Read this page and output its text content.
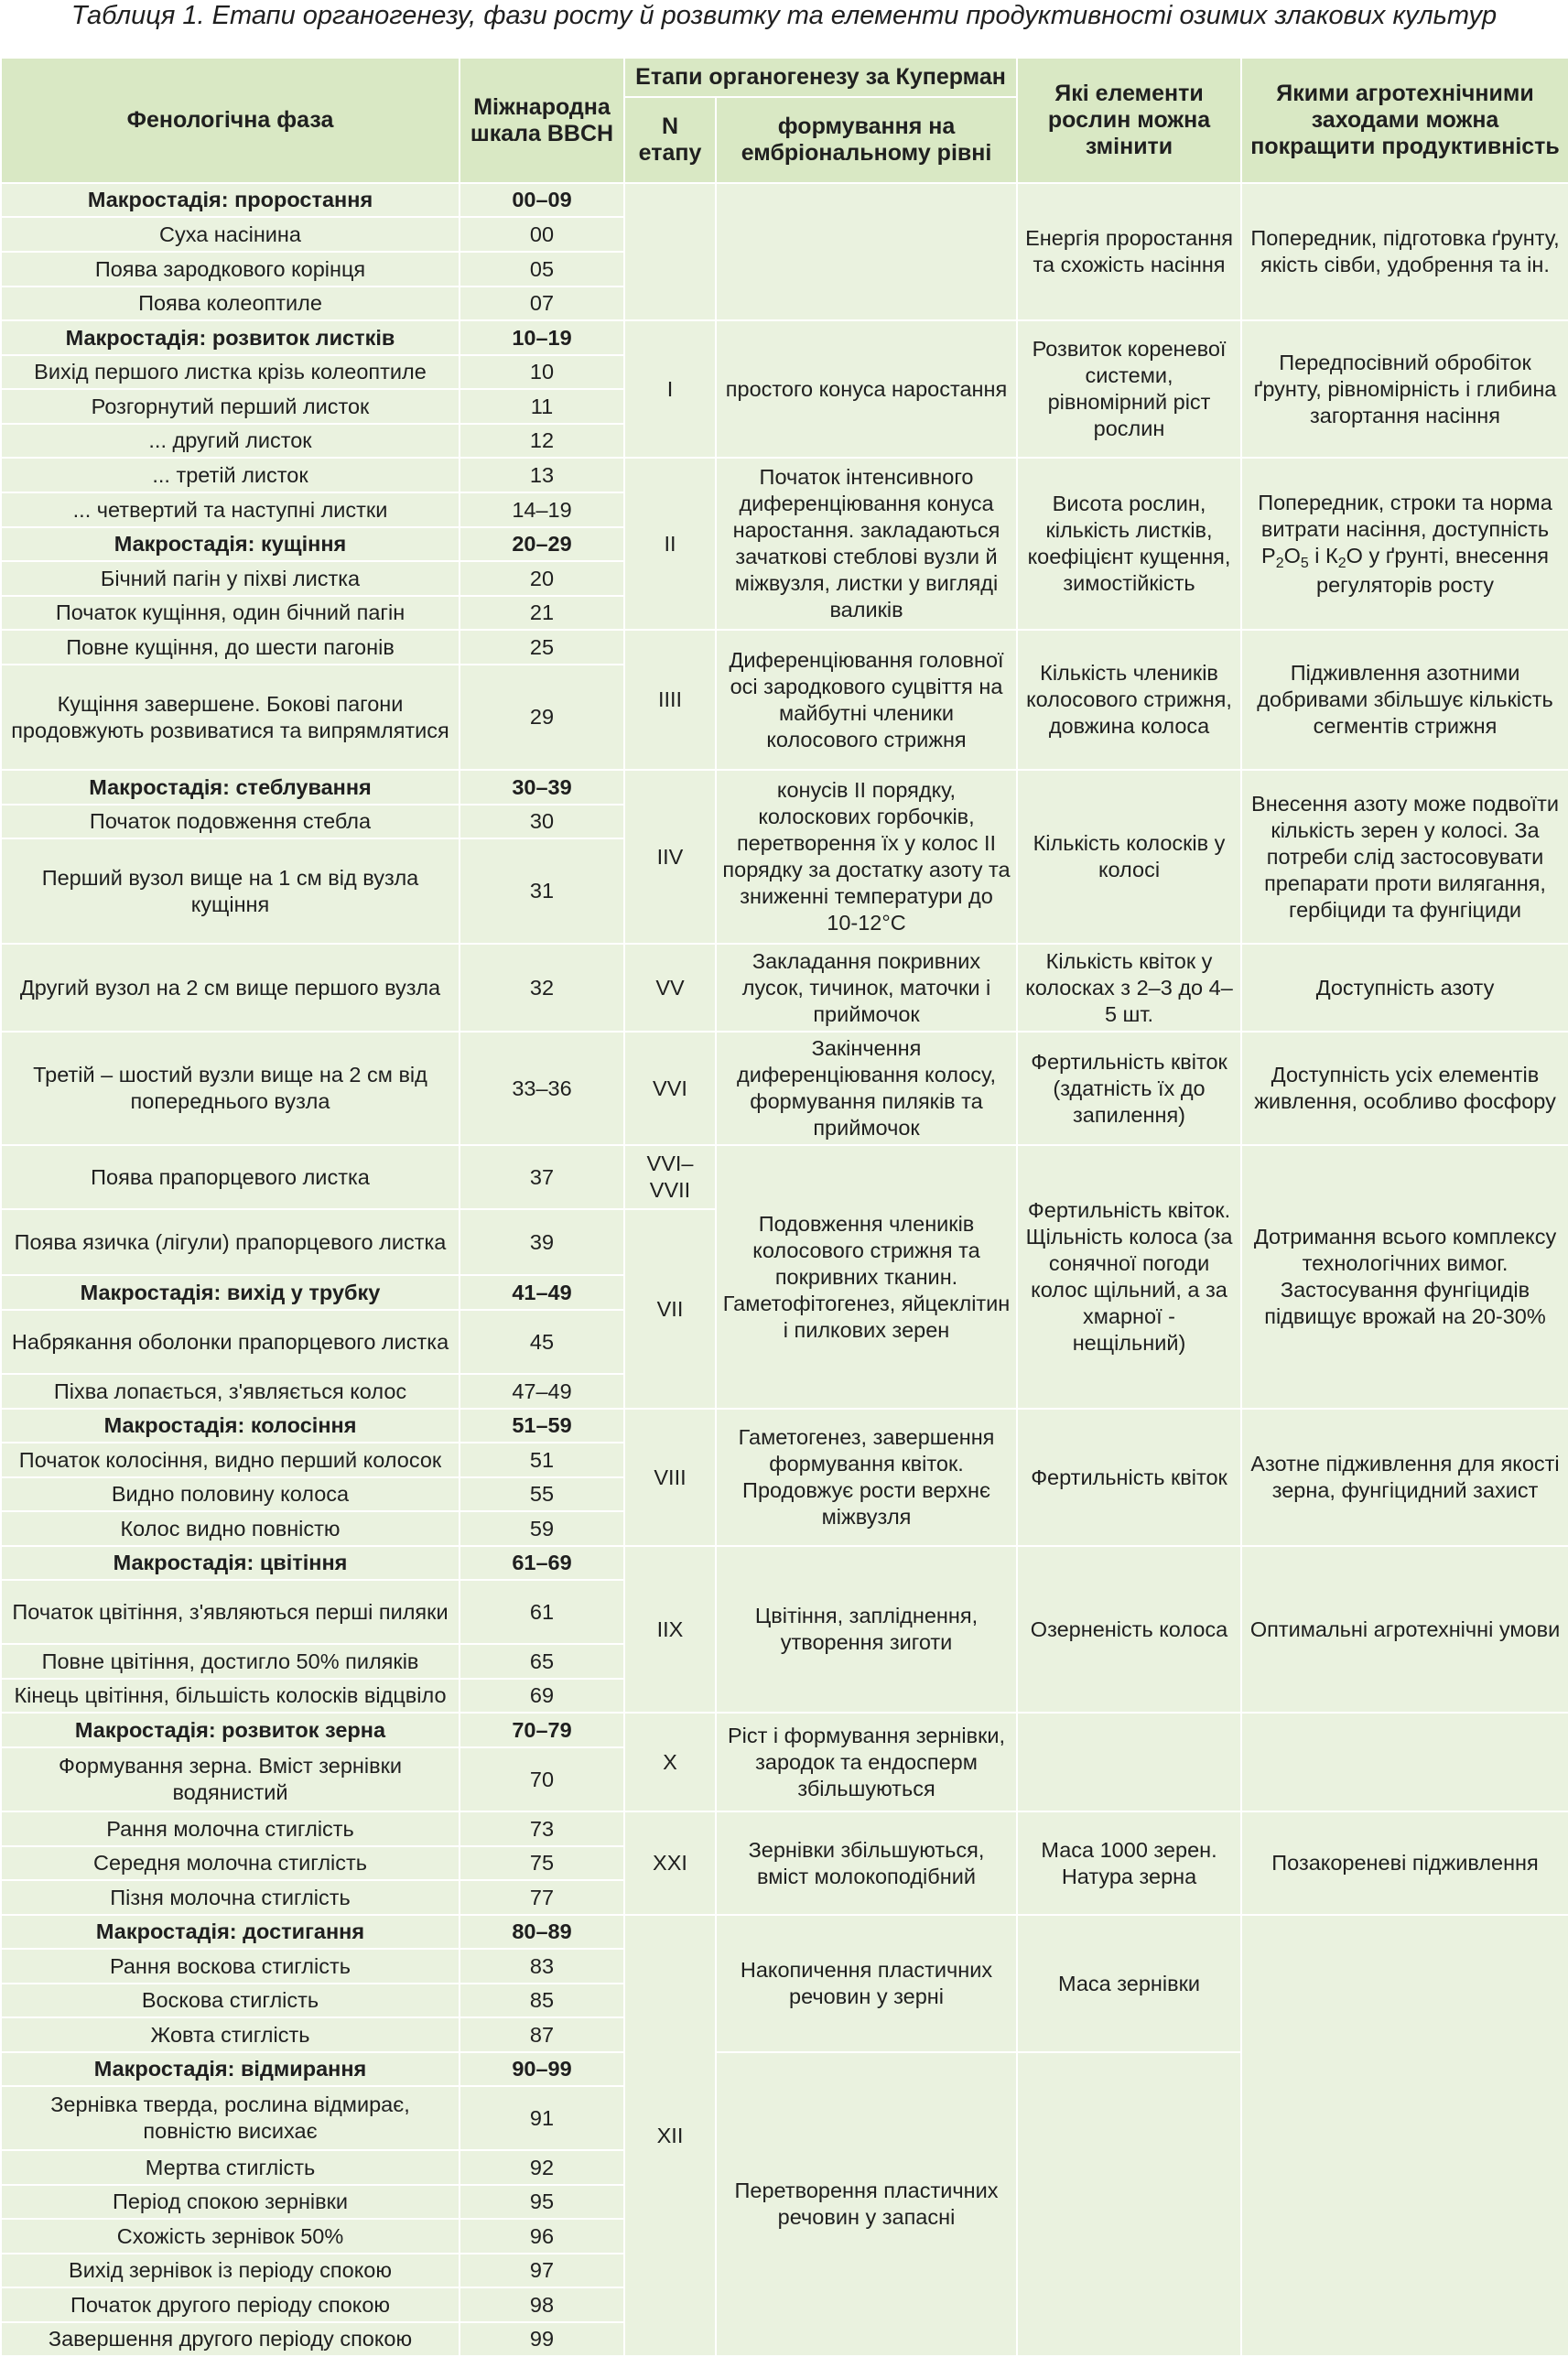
Таблиця 1. Етапи органогенезу, фази росту й розвитку та елементи продуктивності озимих злакових культур
Фенологічна фаза	Міжнародна шкала BBCH	Етапи органогенезу за Куперман		Які елементи рослин можна змінити	Якими агротехнічними заходами можна покращити продуктивність
		N етапу	формування на ембріональному рівні		
Макростадія: проростання	00–09			Енергія проростання та схожість насіння	Попередник, підготовка ґрунту, якість сівби, удобрення та ін.
Суха насінина	00				
Поява зародкового корінця	05				
Поява колеоптиле	07				
Макростадія: розвиток листків	10–19	I	простого конуса наростання	Розвиток кореневої системи, рівномірний ріст рослин	Передпосівний обробіток ґрунту, рівномірність і глибина загортання насіння
Вихід першого листка крізь колеоптиле	10				
Розгорнутий перший листок	11				
... другий листок	12				
... третій листок	13	II	Початок інтенсивного диференціювання конуса наростання. закладаються зачаткові стеблові вузли й міжвузля, листки у вигляді валиків	Висота рослин, кількість листків, коефіцієнт кущення, зимостійкість	Попередник, строки та норма витрати насіння, доступність $Р_2О_5$ і $К_2О$ у ґрунті, внесення регуляторів росту
... четвертий та наступні листки	14–19				
Макростадія: кущіння	20–29				
Бічний пагін у піхві листка	20				
Початок кущіння, один бічний пагін	21				
Повне кущіння, до шести пагонів	25	IIII	Диференціювання головної осі зародкового суцвіття на майбутні членики колосового стрижня	Кількість члеників колосового стрижня, довжина колоса	Підживлення азотними добривами збільшує кількість сегментів стрижня
Кущіння завершене. Бокові пагони продовжують розвиватися та випрямлятися	29				
Макростадія: стеблування	30–39	IIV	конусів II порядку, колоскових горбочків, перетворення їх у колос II порядку за достатку азоту та зниженні температури до 10-12°С	Кількість колосків у колосі	Внесення азоту може подвоїти кількість зерен у колосі. За потреби слід застосовувати препарати проти вилягання, гербіциди та фунгіциди
Початок подовження стебла	30				
Перший вузол вище на 1 см від вузла кущіння	31				
Другий вузол на 2 см вище першого вузла	32	VV	Закладання покривних лусок, тичинок, маточки і приймочок	Кількість квіток у колосках з 2–3 до 4–5 шт.	Доступність азоту
Третій – шостий вузли вище на 2 см від попереднього вузла	33–36	VVI	Закінчення диференціювання колосу, формування пиляків та приймочок	Фертильність квіток (здатність їх до запилення)	Доступність усіх елементів живлення, особливо фосфору
Поява прапорцевого листка	37	VVI–VVII	Подовження члеників колосового стрижня та покривних тканин. Гаметофітогенез, яйцеклітин і пилкових зерен	Фертильність квіток. Щільність колоса (за сонячної погоди колос щільний, а за хмарної - нещільний)	Дотримання всього комплексу технологічних вимог. Застосування фунгіцидів підвищує врожай на 20-30%
Поява язичка (лігули) прапорцевого листка	39	VII			
Макростадія: вихід у трубку	41–49				
Набрякання оболонки прапорцевого листка	45				
Піхва лопається, з'являється колос	47–49				
Макростадія: колосіння	51–59	VIII	Гаметогенез, завершення формування квіток. Продовжує рости верхнє міжвузля	Фертильність квіток	Азотне підживлення для якості зерна, фунгіцидний захист
Початок колосіння, видно перший колосок	51				
Видно половину колоса	55				
Колос видно повністю	59				
Макростадія: цвітіння	61–69	IIX	Цвітіння, запліднення, утворення зиготи	Озерненість колоса	Оптимальні агротехнічні умови
Початок цвітіння, з'являються перші пиляки	61				
Повне цвітіння, достигло 50% пиляків	65				
Кінець цвітіння, більшість колосків відцвіло	69				
Макростадія: розвиток зерна	70–79	X	Ріст і формування зернівки, зародок та ендосперм збільшуються		
Формування зерна. Вміст зернівки водянистий	70				
Рання молочна стиглість	73	XXI	Зернівки збільшуються, вміст молокоподібний	Маса 1000 зерен. Натура зерна	Позакореневі підживлення
Середня молочна стиглість	75				
Пізня молочна стиглість	77				
Макростадія: достигання	80–89	XII	Накопичення пластичних речовин у зерні	Маса зернівки	
Рання воскова стиглість	83				
Воскова стиглість	85				
Жовта стиглість	87				
Макростадія: відмирання	90–99		Перетворення пластичних речовин у запасні		
Зернівка тверда, рослина відмирає, повністю висихає	91				
Мертва стиглість	92				
Період спокою зернівки	95				
Схожість зернівок 50%	96				
Вихід зернівок із періоду спокою	97				
Початок другого періоду спокою	98				
Завершення другого періоду спокою	99				
